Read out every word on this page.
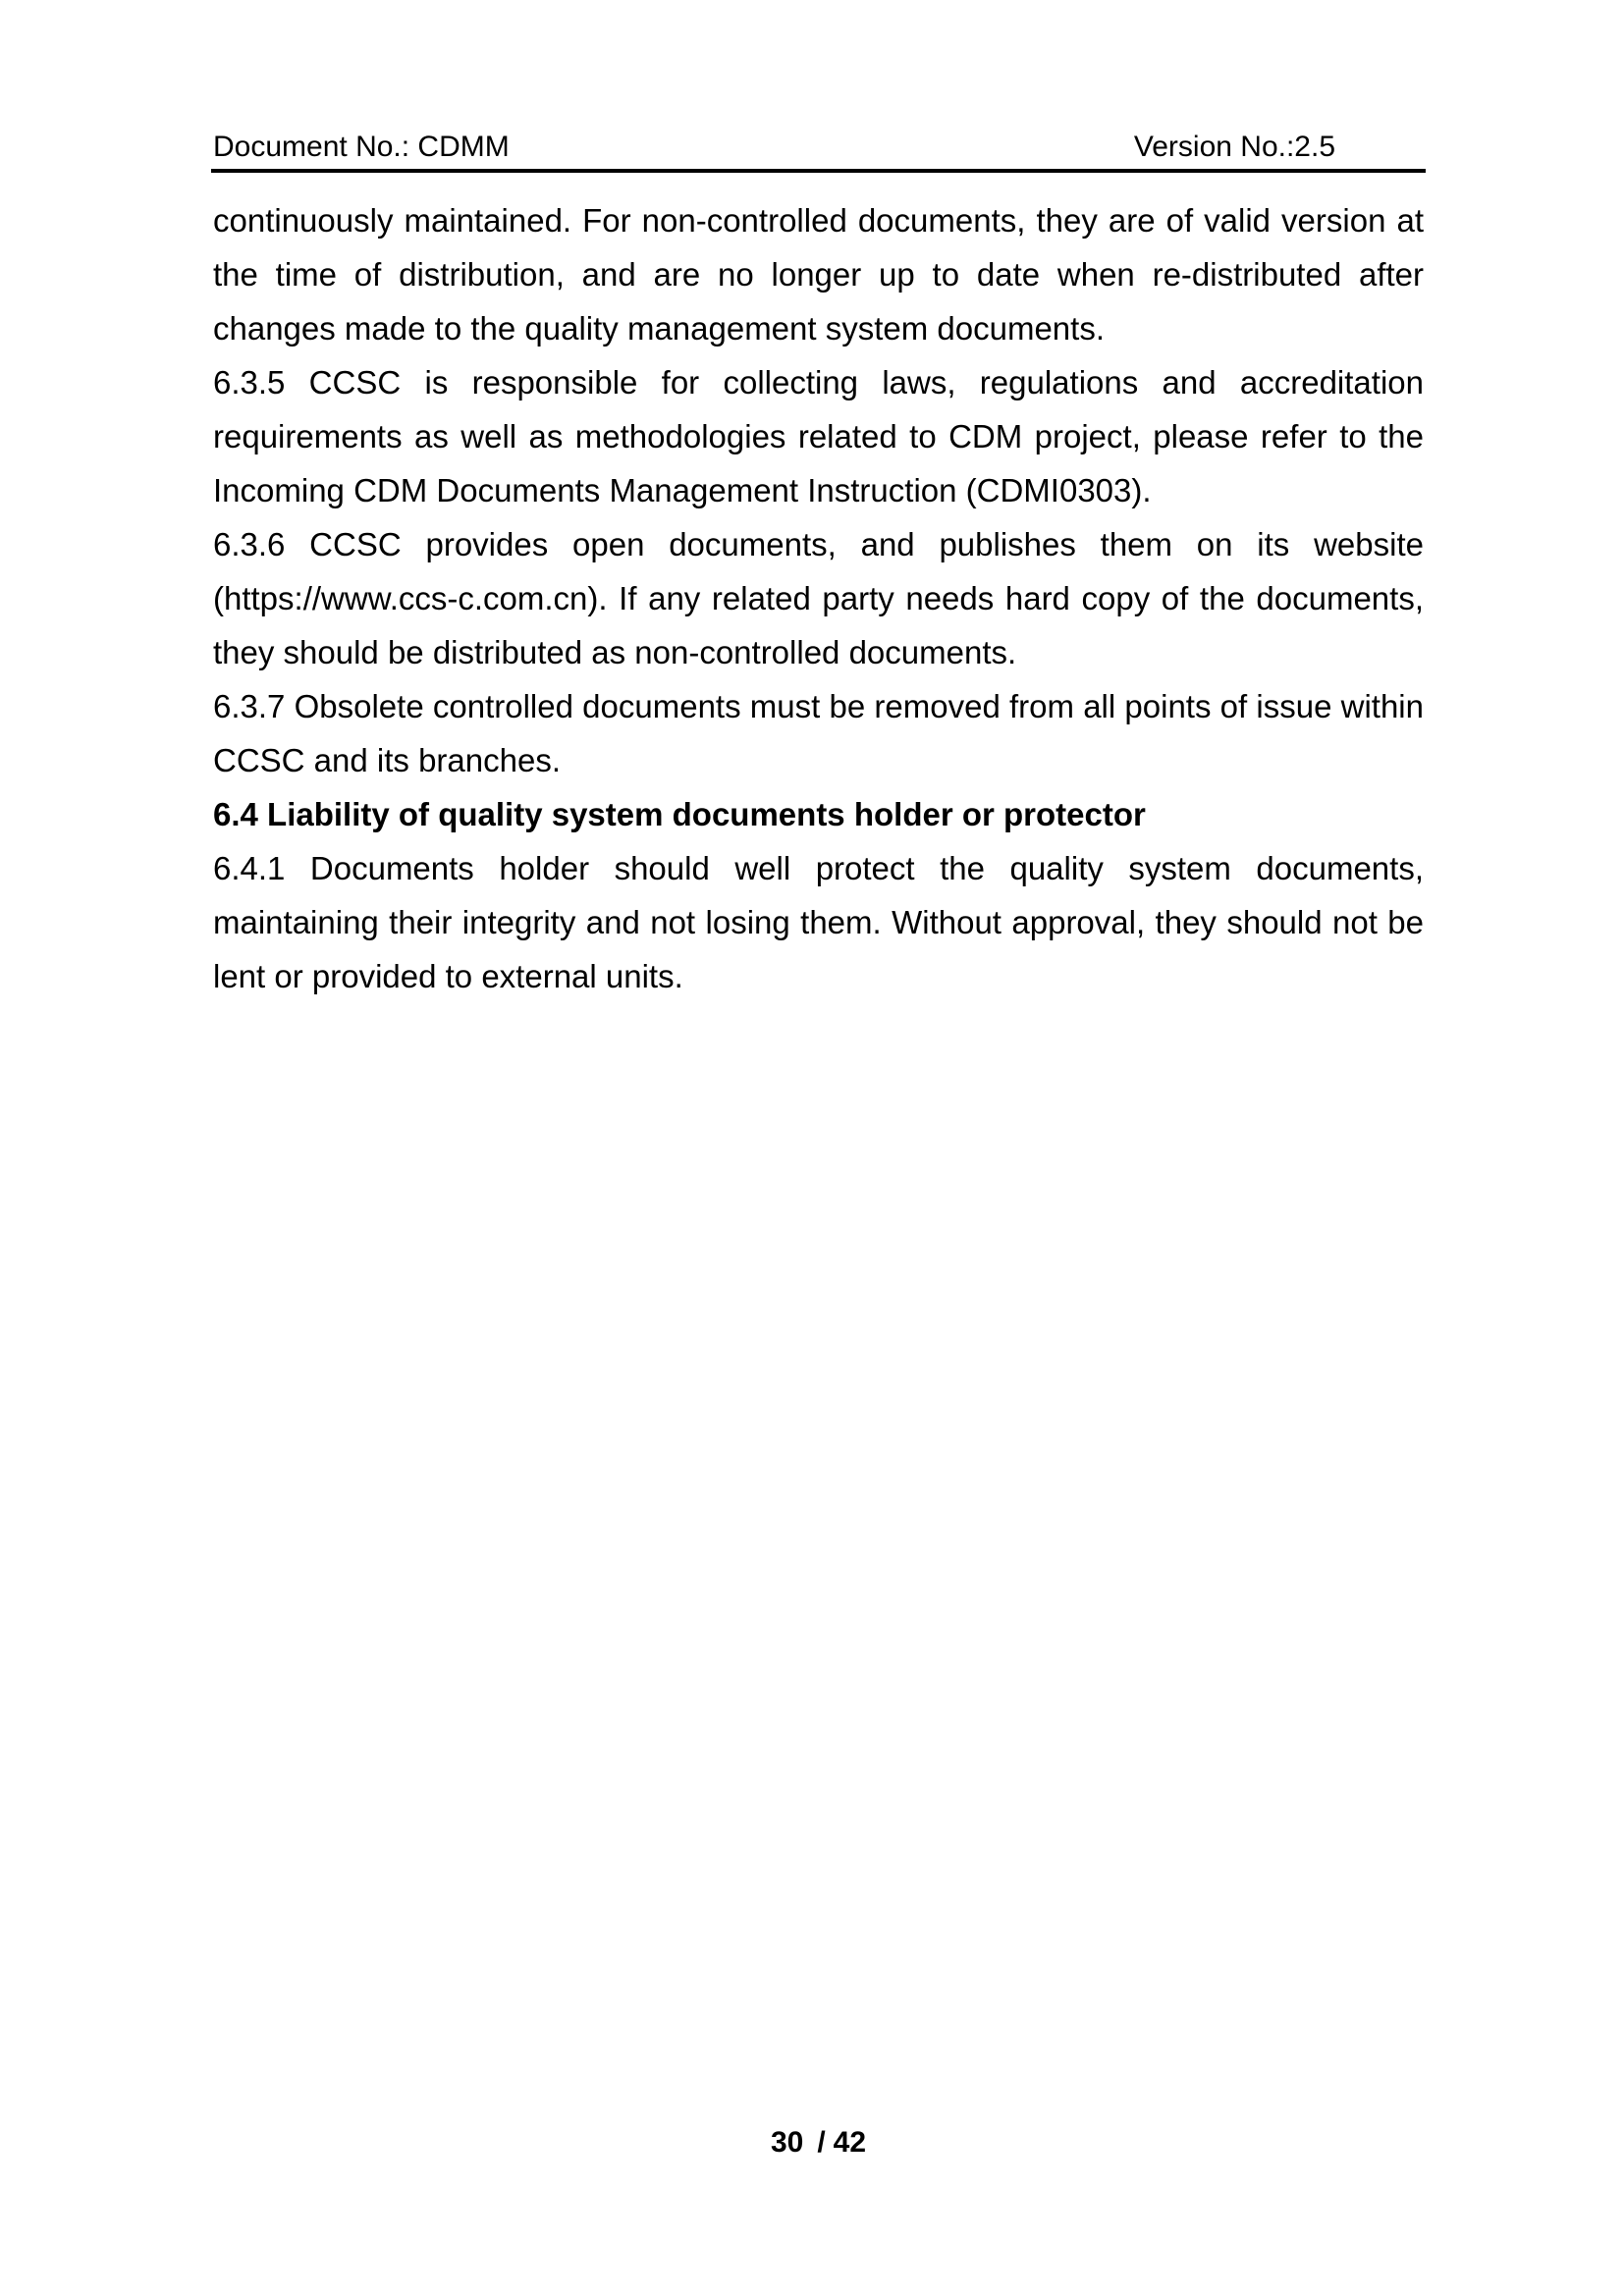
Document No.: CDMM	Version No.:2.5

continuously maintained. For non-controlled documents, they are of valid version at the time of distribution, and are no longer up to date when re-distributed after changes made to the quality management system documents.

6.3.5 CCSC is responsible for collecting laws, regulations and accreditation requirements as well as methodologies related to CDM project, please refer to the Incoming CDM Documents Management Instruction (CDMI0303).

6.3.6 CCSC provides open documents, and publishes them on its website (https://www.ccs-c.com.cn). If any related party needs hard copy of the documents, they should be distributed as non-controlled documents.

6.3.7 Obsolete controlled documents must be removed from all points of issue within CCSC and its branches.

6.4 Liability of quality system documents holder or protector

6.4.1 Documents holder should well protect the quality system documents, maintaining their integrity and not losing them. Without approval, they should not be lent or provided to external units.

30 / 42
